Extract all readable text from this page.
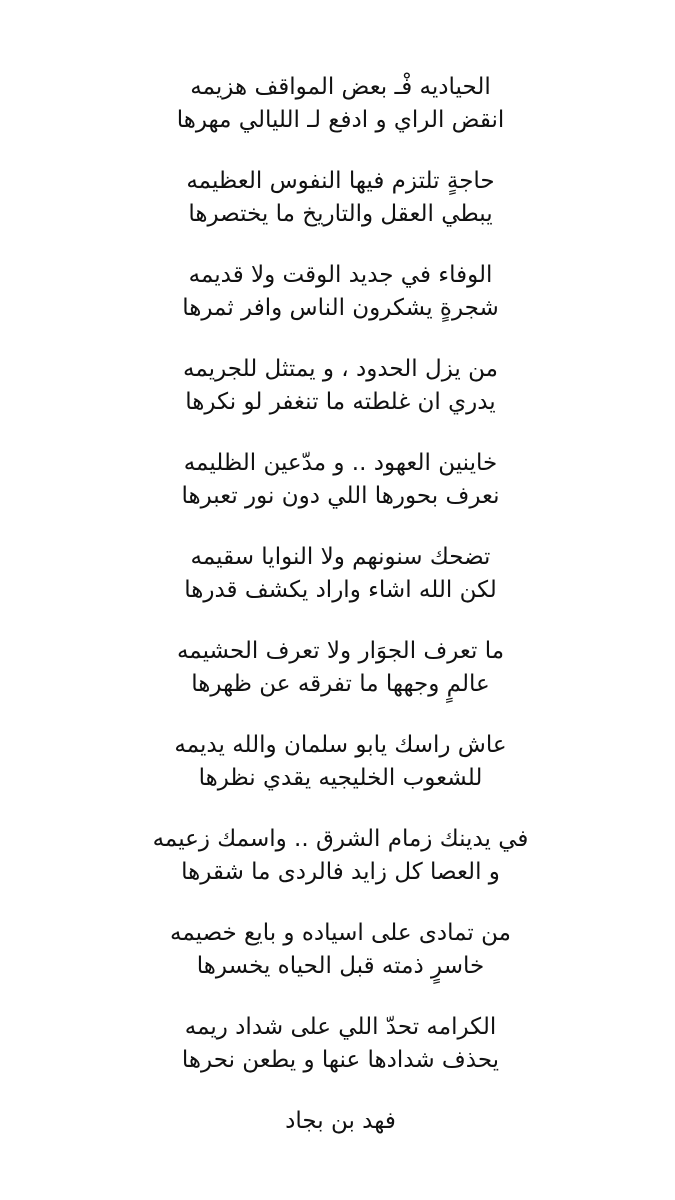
الحياديه فْـ بعض المواقف هزيمه
انقض الراي و ادفع لـ الليالي مهرها
حاجةٍ تلتزم فيها النفوس العظيمه
يبطي العقل والتاريخ ما يختصرها
الوفاء في جديد الوقت ولا قديمه
شجرةٍ يشكرون الناس وافر ثمرها
من يزل الحدود ، و يمتثل للجريمه
يدري ان غلطته ما تنغفر لو نكرها
خاينين العهود .. و مدّعين الظليمه
نعرف بحورها اللي دون نور تعبرها
تضحك سنونهم ولا النوايا سقيمه
لكن الله اشاء واراد يكشف قدرها
ما تعرف الجوَار ولا تعرف الحشيمه
عالمٍ وجهها ما تفرقه عن ظهرها
عاش راسك يابو سلمان والله يديمه
للشعوب الخليجيه يقدي نظرها
في يدينك زمام الشرق .. واسمك زعيمه
و العصا كل زايد فالردى ما شقرها
من تمادى على اسياده و بايع خصيمه
خاسرٍ ذمته قبل الحياه يخسرها
الكرامه تحدّ اللي على شداد ريمه
يحذف شدادها عنها و يطعن نحرها
فهد بن بجاد
